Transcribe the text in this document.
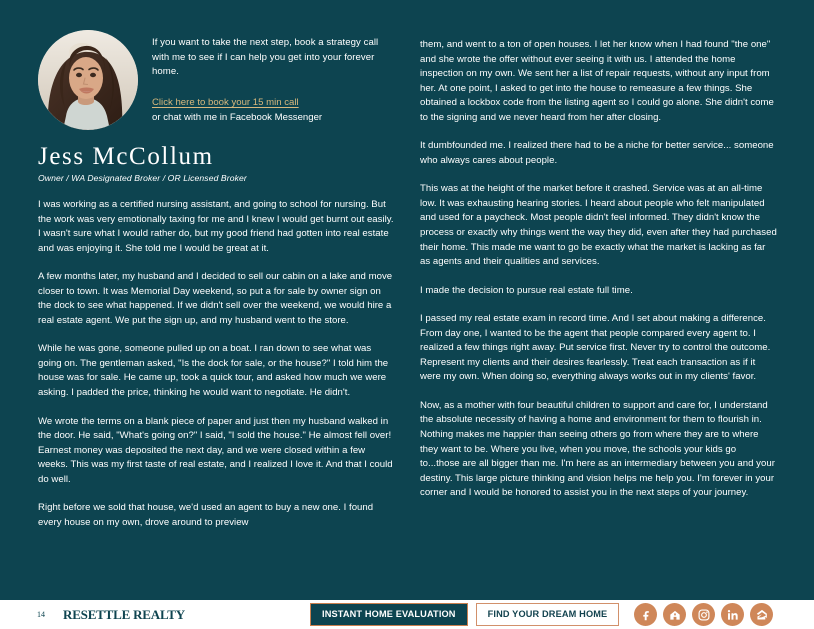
If you want to take the next step, book a strategy call with me to see if I can help you get into your forever home.
Click here to book your 15 min call
or chat with me in Facebook Messenger
Jess McCollum
Owner / WA Designated Broker / OR Licensed Broker

I was working as a certified nursing assistant, and going to school for nursing. But the work was very emotionally taxing for me and I knew I would get burnt out easily. I wasn't sure what I would rather do, but my good friend had gotten into real estate and was enjoying it. She told me I would be great at it.

A few months later, my husband and I decided to sell our cabin on a lake and move closer to town. It was Memorial Day weekend, so put a for sale by owner sign on the dock to see what happened. If we didn't sell over the weekend, we would hire a real estate agent. We put the sign up, and my husband went to the store.

While he was gone, someone pulled up on a boat. I ran down to see what was going on. The gentleman asked, "Is the dock for sale, or the house?" I told him the house was for sale. He came up, took a quick tour, and asked how much we were asking. I padded the price, thinking he would want to negotiate. He didn't.

We wrote the terms on a blank piece of paper and just then my husband walked in the door. He said, "What's going on?" I said, "I sold the house." He almost fell over! Earnest money was deposited the next day, and we were closed within a few weeks. This was my first taste of real estate, and I realized I love it. And that I could do well.

Right before we sold that house, we'd used an agent to buy a new one. I found every house on my own, drove around to preview

them, and went to a ton of open houses. I let her know when I had found "the one" and she wrote the offer without ever seeing it with us. I attended the home inspection on my own. We sent her a list of repair requests, without any input from her. At one point, I asked to get into the house to remeasure a few things. She obtained a lockbox code from the listing agent so I could go alone. She didn't come to the signing and we never heard from her after closing.

It dumbfounded me. I realized there had to be a niche for better service... someone who always cares about people.

This was at the height of the market before it crashed. Service was at an all-time low. It was exhausting hearing stories. I heard about people who felt manipulated and used for a paycheck. Most people didn't feel informed. They didn't know the process or exactly why things went the way they did, even after they had purchased their home. This made me want to go be exactly what the market is lacking as far as agents and their qualities and services.

I made the decision to pursue real estate full time.

I passed my real estate exam in record time. And I set about making a difference. From day one, I wanted to be the agent that people compared every agent to. I realized a few things right away. Put service first. Never try to control the outcome. Represent my clients and their desires fearlessly. Treat each transaction as if it were my own. When doing so, everything always works out in my clients' favor.

Now, as a mother with four beautiful children to support and care for, I understand the absolute necessity of having a home and environment for them to flourish in. Nothing makes me happier than seeing others go from where they are to where they want to be. Where you live, when you move, the schools your kids go to...those are all bigger than me. I'm here as an intermediary between you and your destiny. This large picture thinking and vision helps me help you. I'm forever in your corner and I would be honored to assist you in the next steps of your journey.

14 RESETTLE REALTY	INSTANT HOME EVALUATION	FIND YOUR DREAM HOME
